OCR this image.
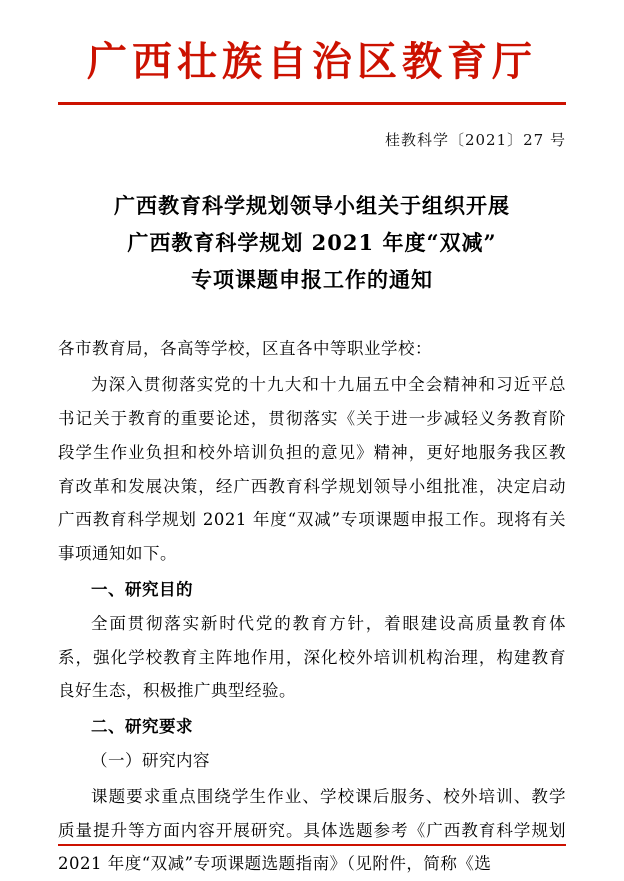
广西壮族自治区教育厅
桂教科学〔2021〕27 号
广西教育科学规划领导小组关于组织开展
广西教育科学规划 2021 年度“双减”
专项课题申报工作的通知

各市教育局，各高等学校，区直各中等职业学校：

为深入贯彻落实党的十九大和十九届五中全会精神和习近平总书记关于教育的重要论述，贯彻落实《关于进一步减轻义务教育阶段学生作业负担和校外培训负担的意见》精神，更好地服务我区教育改革和发展决策，经广西教育科学规划领导小组批准，决定启动广西教育科学规划 2021 年度“双减”专项课题申报工作。现将有关事项通知如下。

一、研究目的

全面贯彻落实新时代党的教育方针，着眼建设高质量教育体系，强化学校教育主阵地作用，深化校外培训机构治理，构建教育良好生态，积极推广典型经验。

二、研究要求

（一）研究内容

课题要求重点围绕学生作业、学校课后服务、校外培训、教学质量提升等方面内容开展研究。具体选题参考《广西教育科学规划 2021 年度“双减”专项课题选题指南》（见附件，简称《选
